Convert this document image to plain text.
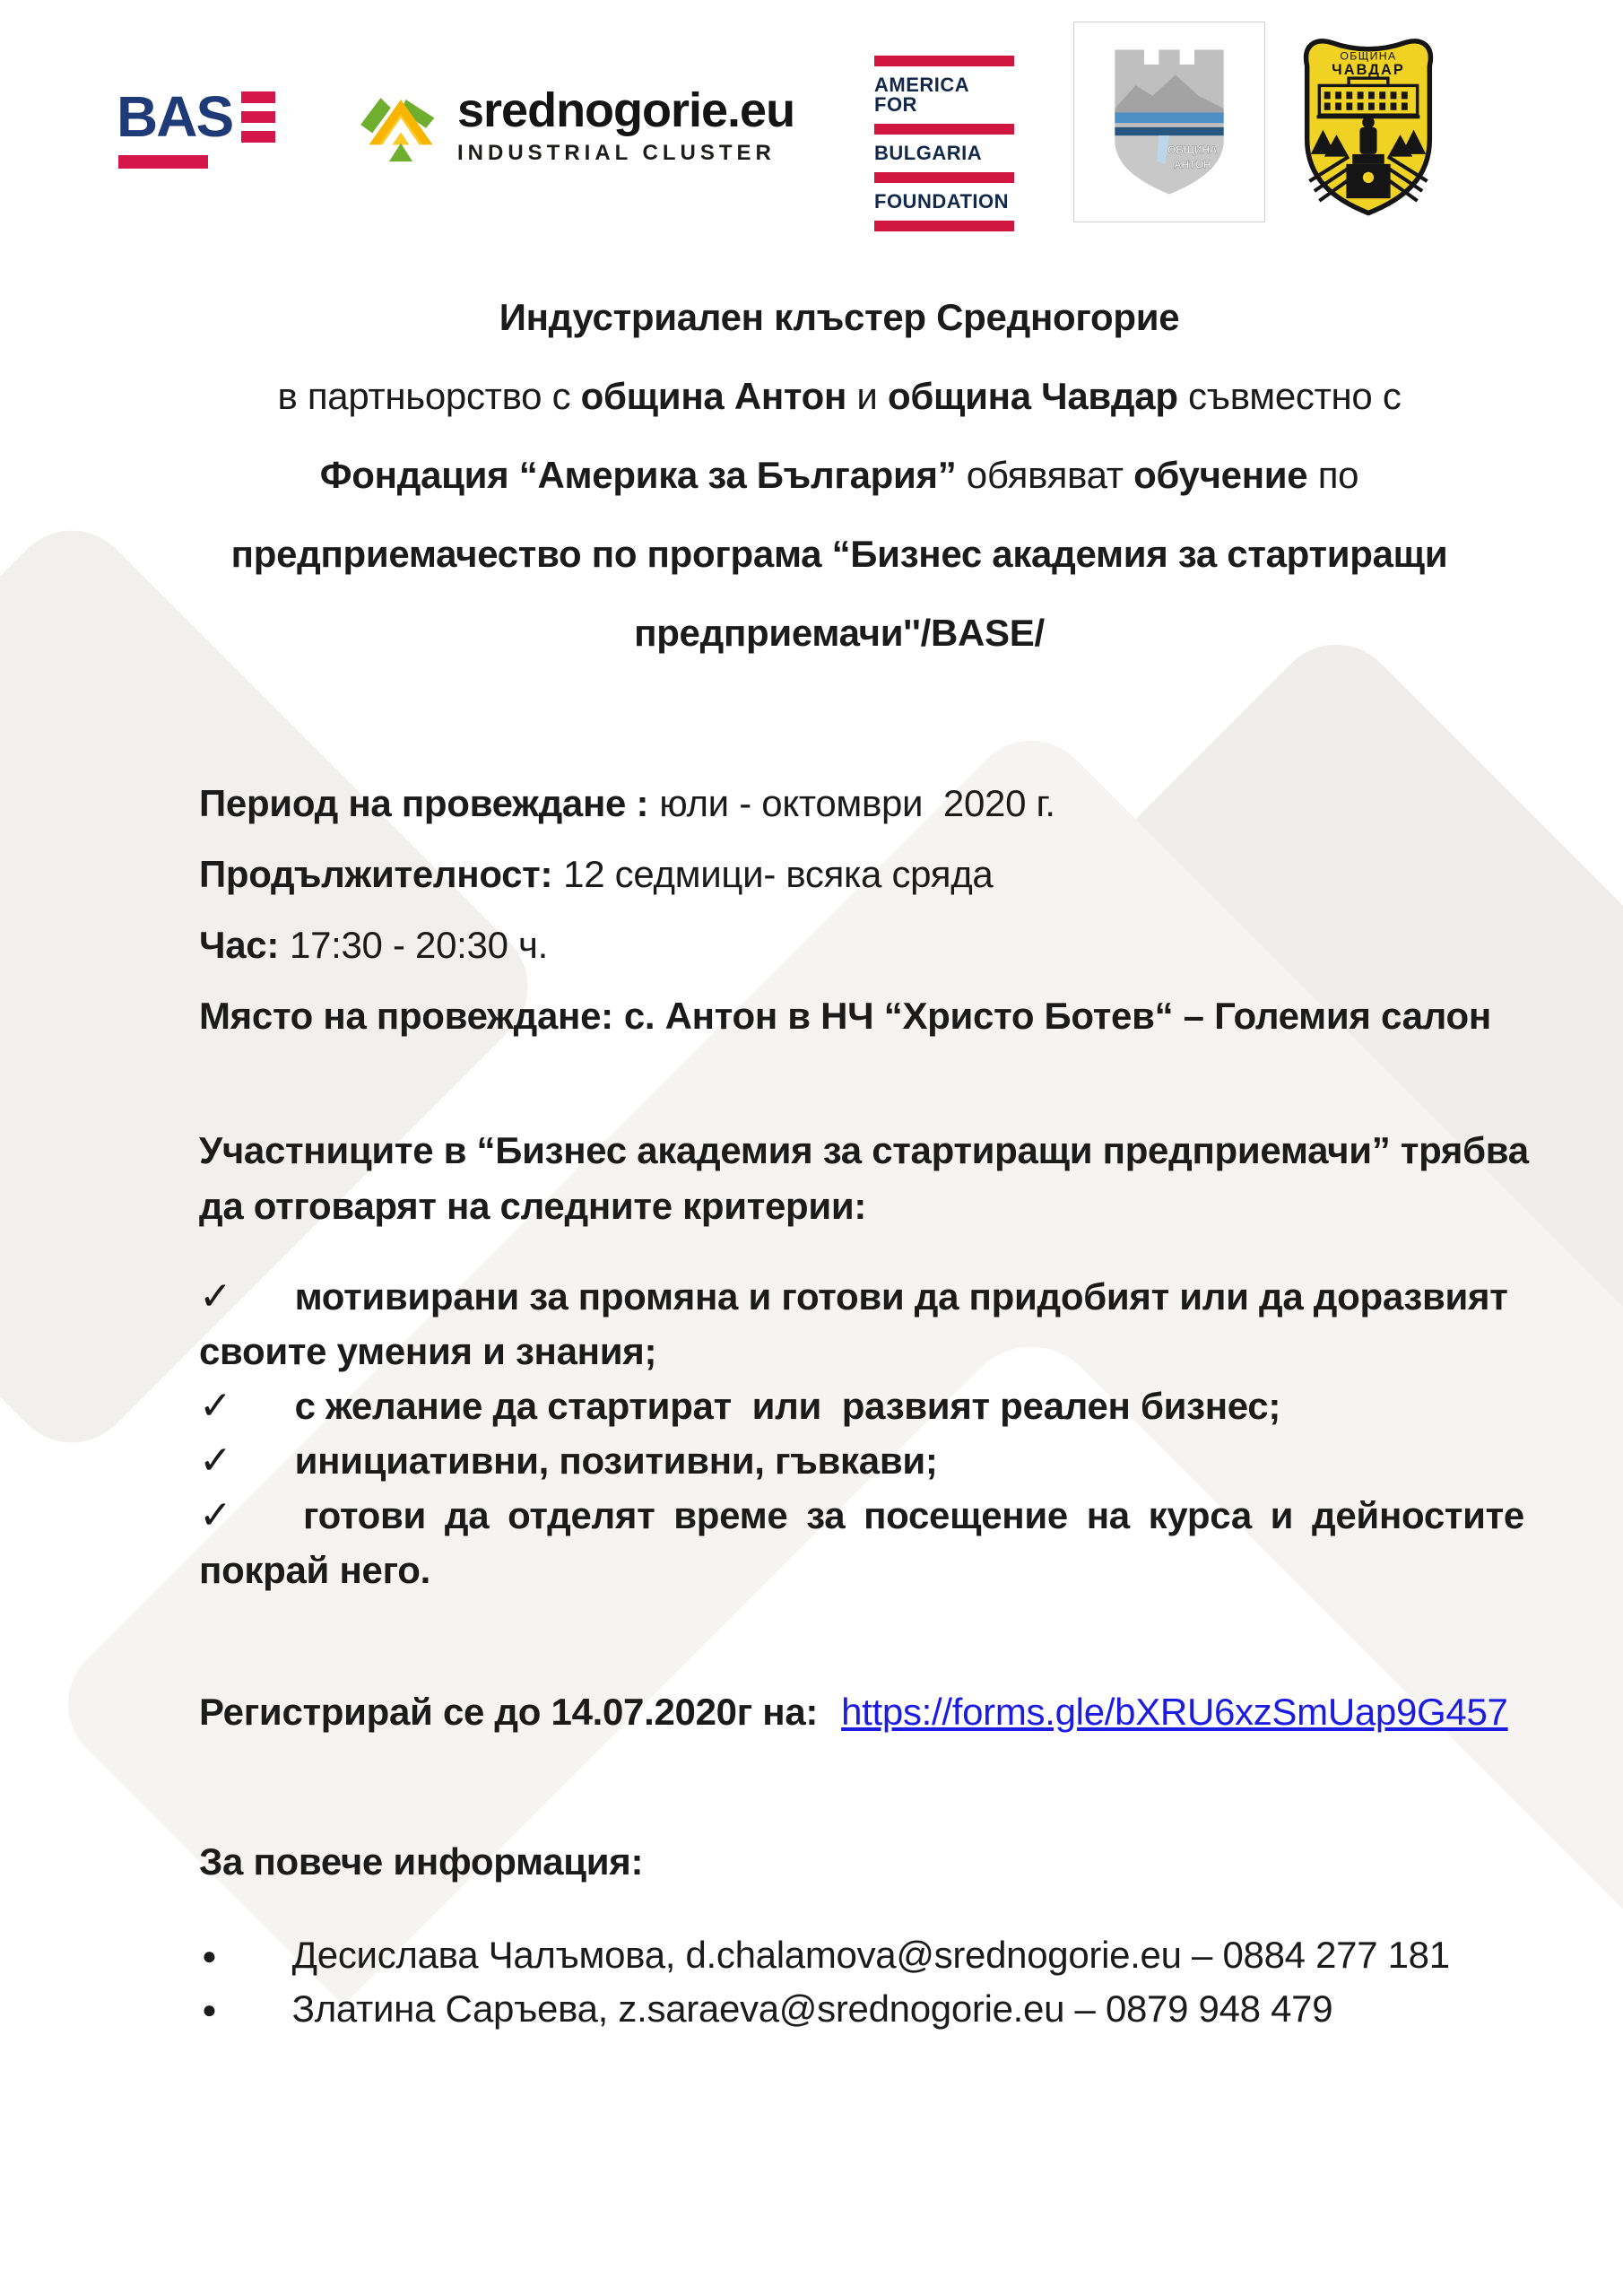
BAS	srednogorie.eu
INDUSTRIAL CLUSTER
AMERICA FOR
BULGARIA
FOUNDATION
ОБЩИНА
АНТОН
ОБЩИНА
ЧАВДАР
Индустриален клъстер Средногорие
в партньорство с община Антон и община Чавдар съвместно с
Фондация “Америка за България” обявяват обучение по
предприемачество по програма “Бизнес академия за стартиращи
предприемачи''/BASE/
Период на провеждане : юли - октомври  2020 г.
Продължителност: 12 седмици- всяка сряда
Час: 17:30 - 20:30 ч.
Място на провеждане: с. Антон в НЧ “Христо Ботев“ – Големия салон
Участниците в “Бизнес академия за стартиращи предприемачи” трябва да отговарят на следните критерии:
✓ мотивирани за промяна и готови да придобият или да доразвият своите умения и знания;
✓ с желание да стартират  или  развият реален бизнес;
✓ инициативни, позитивни, гъвкави;
✓ готови да отделят време за посещение на курса и дейностите покрай него.
Регистрирай се до 14.07.2020г на: https://forms.gle/bXRU6xzSmUap9G457
За повече информация:
● Десислава Чалъмова, d.chalamova@srednogorie.eu – 0884 277 181
● Златина Саръева, z.saraeva@srednogorie.eu – 0879 948 479
